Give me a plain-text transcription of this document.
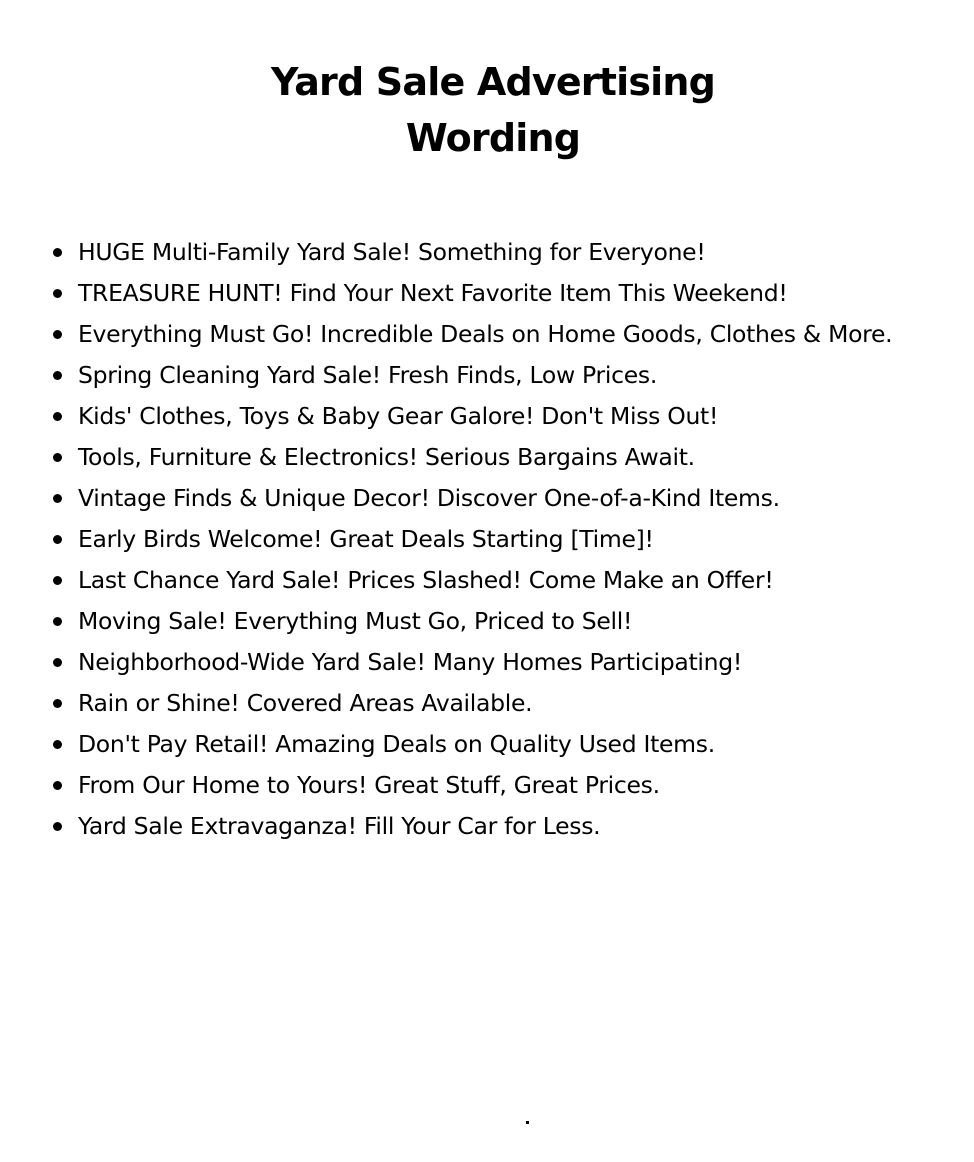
Yard Sale Advertising
Wording
HUGE Multi-Family Yard Sale! Something for Everyone!
TREASURE HUNT! Find Your Next Favorite Item This Weekend!
Everything Must Go! Incredible Deals on Home Goods, Clothes & More.
Spring Cleaning Yard Sale! Fresh Finds, Low Prices.
Kids' Clothes, Toys & Baby Gear Galore! Don't Miss Out!
Tools, Furniture & Electronics! Serious Bargains Await.
Vintage Finds & Unique Decor! Discover One-of-a-Kind Items.
Early Birds Welcome! Great Deals Starting [Time]!
Last Chance Yard Sale! Prices Slashed! Come Make an Offer!
Moving Sale! Everything Must Go, Priced to Sell!
Neighborhood-Wide Yard Sale! Many Homes Participating!
Rain or Shine! Covered Areas Available.
Don't Pay Retail! Amazing Deals on Quality Used Items.
From Our Home to Yours! Great Stuff, Great Prices.
Yard Sale Extravaganza! Fill Your Car for Less.
